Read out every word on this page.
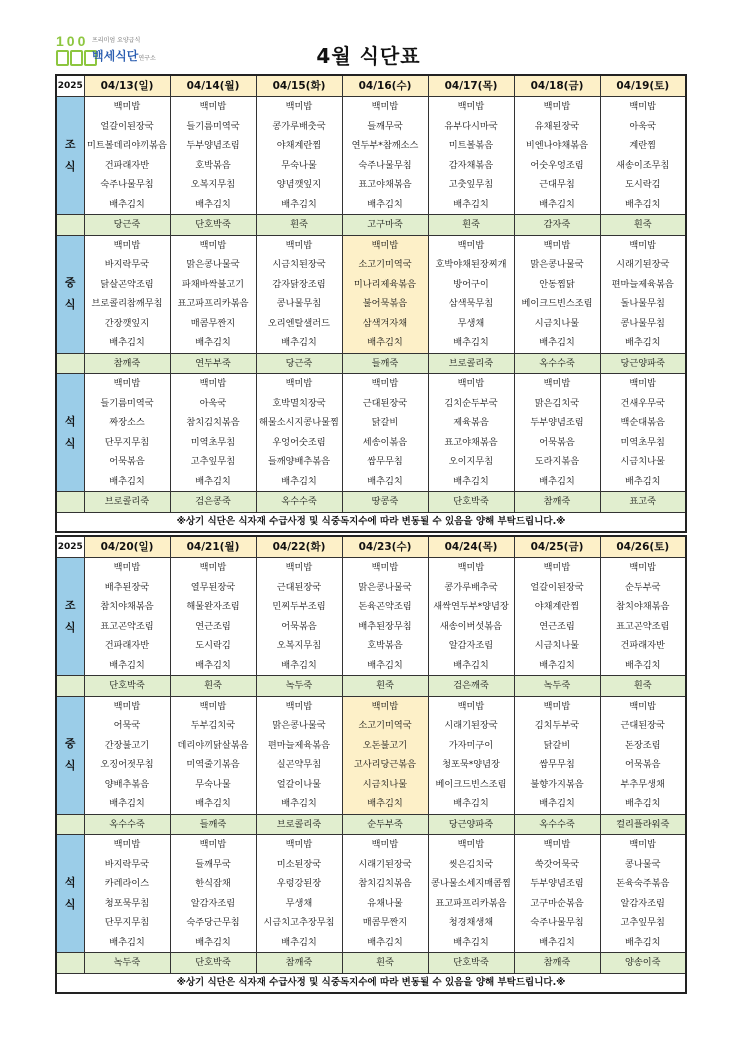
100 프리미엄 요양급식
백세식단연구소	4월 식단표
2025	04/13(일)	04/14(월)	04/15(화)	04/16(수)	04/17(목)	04/18(금)	04/19(토)
조
식	백미밥	백미밥	백미밥	백미밥	백미밥	백미밥	백미밥
	얼갈이된장국	들기름미역국	콩가루배춧국	들깨무국	유부다시마국	유채된장국	아욱국
	미트볼데리야끼볶음	두부양념조림	야채계란찜	연두부*참깨소스	미트볼볶음	비엔나야채볶음	계란찜
	건파래자반	호박볶음	무숙나물	숙주나물무침	감자채볶음	어숫우엉조림	새송이조무침
	숙주나물무침	오복지무침	양념깻잎지	표고야채볶음	고춧잎무침	근대무침	도시락김
	배추김치	배추김치	배추김치	배추김치	배추김치	배추김치	배추김치
	당근죽	단호박죽	흰죽	고구마죽	흰죽	감자죽	흰죽
중
식	백미밥	백미밥	백미밥	백미밥	백미밥	백미밥	백미밥
	바지락무국	맑은콩나물국	시금치된장국	소고기미역국	호박야채된장찌개	맑은콩나물국	시래기된장국
	닭살곤약조림	파채바싹불고기	감자닭장조림	미나리제육볶음	방어구이	안동찜닭	편마늘제육볶음
	브로콜리참깨무침	표고파프리카볶음	콩나물무침	불어묵볶음	삼색묵무침	베이크드빈스조림	돌나물무침
	간장깻잎지	매콤무짠지	오리엔탈샐러드	삼색겨자채	무생채	시금치나물	콩나물무침
	배추김치	배추김치	배추김치	배추김치	배추김치	배추김치	배추김치
	참깨죽	연두부죽	당근죽	들깨죽	브로콜리죽	옥수수죽	당근양파죽
석
식	백미밥	백미밥	백미밥	백미밥	백미밥	백미밥	백미밥
	들기름미역국	아욱국	호박멸치장국	근대된장국	김치순두부국	맑은김치국	건새우무국
	짜장소스	참치김치볶음	해물소시지콩나물찜	닭갈비	제육볶음	두부양념조림	백순대볶음
	단무지무침	미역초무침	우엉어숫조림	세송이볶음	표고야채볶음	어묵볶음	미역초무침
	어묵볶음	고추잎무침	들깨양배추볶음	쌈무무침	오이지무침	도라지볶음	시금치나물
	배추김치	배추김치	배추김치	배추김치	배추김치	배추김치	배추김치
	브로콜리죽	검은콩죽	옥수수죽	땅콩죽	단호박죽	참깨죽	표고죽
※상기 식단은 식자재 수급사정 및 식중독지수에 따라 변동될 수 있음을 양해 부탁드립니다.※							
2025	04/20(일)	04/21(월)	04/22(화)	04/23(수)	04/24(목)	04/25(금)	04/26(토)
조
식	백미밥	백미밥	백미밥	백미밥	백미밥	백미밥	백미밥
	배추된장국	열무된장국	근대된장국	맑은콩나물국	콩가루배추국	얼갈이된장국	순두부국
	참치야채볶음	해물완자조림	민찌두부조림	돈육곤약조림	새싹연두부*양념장	야채계란찜	참치야채볶음
	표고곤약조림	연근조림	어묵볶음	배추된장무침	새송이버섯볶음	연근조림	표고곤약조림
	건파래자반	도시락김	오복지무침	호박볶음	알감자조림	시금치나물	건파래자반
	배추김치	배추김치	배추김치	배추김치	배추김치	배추김치	배추김치
	단호박죽	흰죽	녹두죽	흰죽	검은깨죽	녹두죽	흰죽
중
식	백미밥	백미밥	백미밥	백미밥	백미밥	백미밥	백미밥
	어묵국	두부김치국	맑은콩나물국	소고기미역국	시래기된장국	김치두부국	근대된장국
	간장불고기	데리야끼닭살볶음	편마늘제육볶음	오돈불고기	가자미구이	닭갈비	돈장조림
	오징어젓무침	미역줄기볶음	실곤약무침	고사리당근볶음	청포묵*양념장	쌈무무침	어묵볶음
	양배추볶음	무숙나물	얼갈이나물	시금치나물	베이크드빈스조림	불향가지볶음	부추무생채
	배추김치	배추김치	배추김치	배추김치	배추김치	배추김치	배추김치
	옥수수죽	들깨죽	브로콜리죽	순두부죽	당근양파죽	옥수수죽	컬리플라워죽
석
식	백미밥	백미밥	백미밥	백미밥	백미밥	백미밥	백미밥
	바지락무국	들깨무국	미소된장국	시래기된장국	씻은김치국	쑥갓어묵국	콩나물국
	카레라이스	한식잡채	우렁강된장	참치김치볶음	콩나물소세지매콤찜	두부양념조림	돈육숙주볶음
	청포묵무침	알감자조림	무생채	유채나물	표고파프리카볶음	고구마순볶음	알감자조림
	단무지무침	숙주당근무침	시금치고추장무침	매콤무짠지	청경채생채	숙주나물무침	고추잎무침
	배추김치	배추김치	배추김치	배추김치	배추김치	배추김치	배추김치
	녹두죽	단호박죽	참깨죽	흰죽	단호박죽	참깨죽	양송이죽
※상기 식단은 식자재 수급사정 및 식중독지수에 따라 변동될 수 있음을 양해 부탁드립니다.※							
